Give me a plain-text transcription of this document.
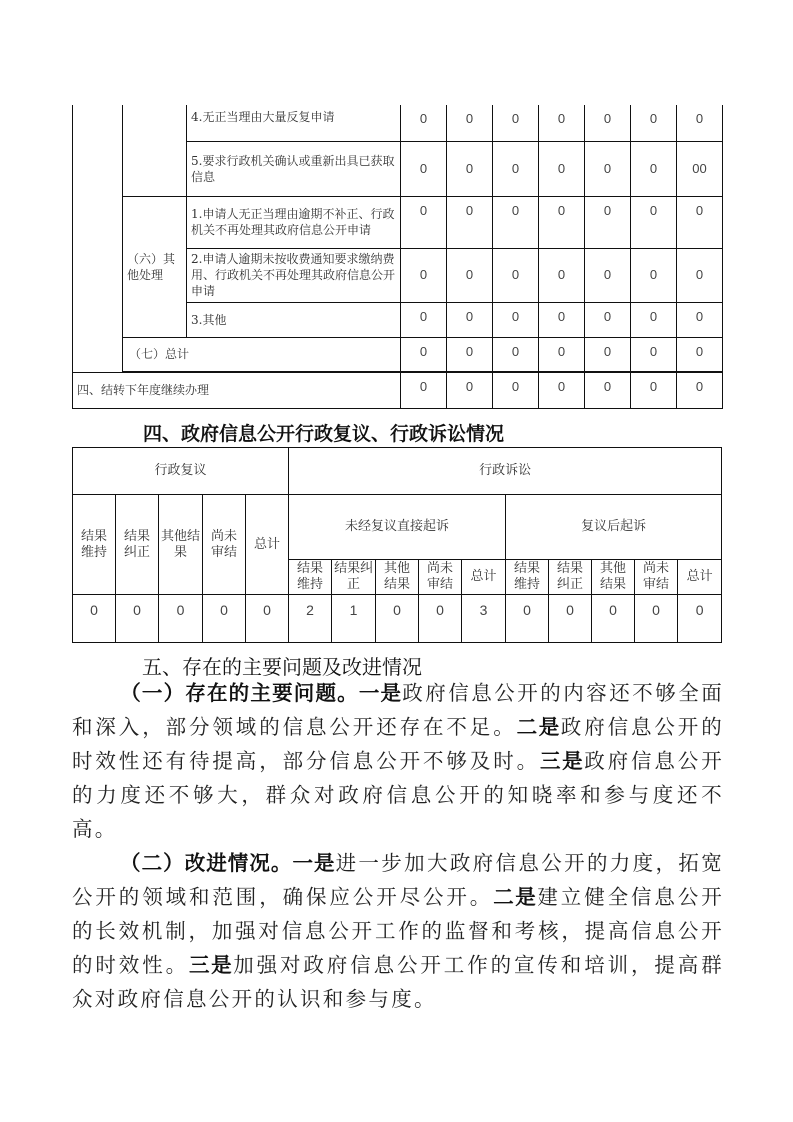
		4.无正当理由大量反复申请	0	0	0	0	0	0	0
		5.要求行政机关确认或重新出具已获取信息	0	0	0	0	0	0	00
	（六）其他处理	1.申请人无正当理由逾期不补正、行政机关不再处理其政府信息公开申请	0	0	0	0	0	0	0
		2.申请人逾期未按收费通知要求缴纳费用、行政机关不再处理其政府信息公开申请	0	0	0	0	0	0	0
		3.其他	0	0	0	0	0	0	0
	（七）总计		0	0	0	0	0	0	0

四、结转下年度继续办理			0	0	0	0	0	0	0
四、政府信息公开行政复议、行政诉讼情况
行政复议					行政诉讼									
结果维持	结果纠正	其他结果	尚未审结	总计	未经复议直接起诉					复议后起诉				
					结果维持	结果纠正	其他结果	尚未审结	总计	结果维持	结果纠正	其他结果	尚未审结	总计
0	0	0	0	0	2	1	0	0	3	0	0	0	0	0
五、存在的主要问题及改进情况

（一）存在的主要问题。一是政府信息公开的内容还不够全面和深入，部分领域的信息公开还存在不足。二是政府信息公开的时效性还有待提高，部分信息公开不够及时。三是政府信息公开的力度还不够大，群众对政府信息公开的知晓率和参与度还不高。

（二）改进情况。一是进一步加大政府信息公开的力度，拓宽公开的领域和范围，确保应公开尽公开。二是建立健全信息公开的长效机制，加强对信息公开工作的监督和考核，提高信息公开的时效性。三是加强对政府信息公开工作的宣传和培训，提高群众对政府信息公开的认识和参与度。
